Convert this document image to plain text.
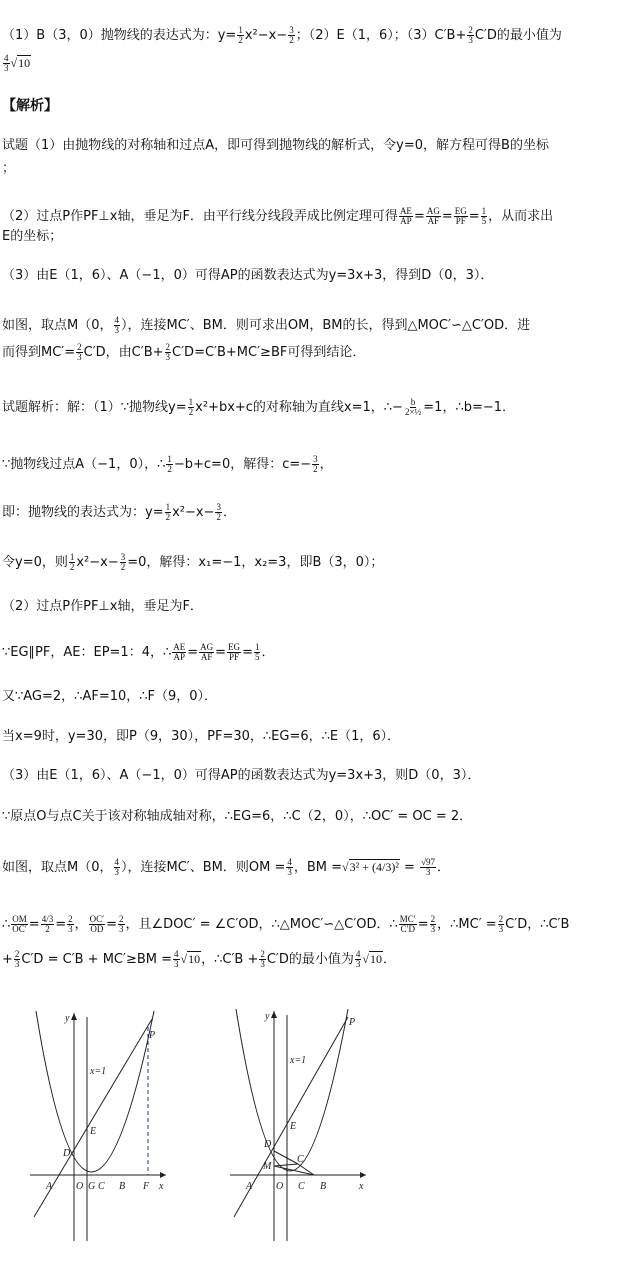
（1）B（3，0）抛物线的表达式为：$y= \frac{1}{2} x^2-x- \frac{3}{2}$ ；（2）E（1，6）；$(3)C'B+ \frac{2}{3} C'D$的最小值为
$\frac{4}{3} √10$
【解析】
试题（1）由抛物线的对称轴和过点A，即可得到抛物线的解析式，令y=0，解方程可得B的坐标
；
（2）过点P作PF⊥x轴，垂足为F．由平行线分线段弄成比例定理可得 $\frac{AE}{AP} = \frac{AG}{AF} = \frac{EG}{PF} = \frac{1}{5}$ ，从而求出
E的坐标；
（3）由E（1，6）、A（−1，0）可得AP的函数表达式为y=3x+3，得到D（0，3）．
如图，取点M（0， $\frac{4}{3}$ ），连接MC′、BM．则可求出OM，BM的长，得到△MOC′∽△C′OD．进
而得到$MC'= \frac{2}{3} C'D$，由$C'B+ \frac{2}{3} C'D=C'B+MC'\ge BF$可得到结论．
试题解析：解：（1）∵抛物线$y= \frac{1}{2} x^2+bx+c$的对称轴为直线x=1，∴− $\frac{b}{\text{2×½}} =1$，∴b=−1．
∵抛物线过点A（−1，0），∴ $\frac{1}{2} -b+c=0$，解得：$c=- \frac{3}{2}$ ，
即：抛物线的表达式为：$y= \frac{1}{2} x^2-x- \frac{3}{2}$ ．
令y=0，则 $\frac{1}{2} x^2-x- \frac{3}{2} =0$，解得：x₁=−1，x₂=3，即B（3，0）；
（2）过点P作PF⊥x轴，垂足为F．
∵EG∥PF，AE：EP=1：4，∴ $\frac{AE}{AP} = \frac{AG}{AF} = \frac{EG}{PF} = \frac{1}{5}$ ．
又∵AG=2，∴AF=10，∴F（9，0）．
当x=9时，y=30，即P（9，30），PF=30，∴EG=6，∴E（1，6）．
（3）由E（1，6）、A（−1，0）可得AP的函数表达式为y=3x+3，则D（0，3）．
∵原点O与点C关于该对称轴成轴对称，∴EG=6，∴C（2，0），∴OC′ = OC = 2．
如图，取点M（0， $\frac{4}{3}$ ），连接MC′、BM．则OM = $\frac{4}{3}$ ，BM $=√3^2 + (4/3)^2 = \frac{√97}{3}$ ．
∴ $\frac{OM}{OC'} = \frac{4/3}{2} = \frac{2}{3}$ ， $\frac{OC'}{OD} = \frac{2}{3}$ ，且∠DOC′ = ∠C′OD，∴△MOC′∽△C′OD．∴ $\frac{MC'}{C'D} = \frac{2}{3}$ ，∴MC′ = $\frac{2}{3} C'D$，∴C′B
+ $\frac{2}{3} C'D = C'B + MC'\ge BM = \frac{4}{3} √10$，∴C′B + $\frac{2}{3} C'D$的最小值为 $\frac{4}{3} √10$．
y
x
P
x=1
E
D
A O G C B F
y
x
P
x=1
E
D
M
C
A O C B
